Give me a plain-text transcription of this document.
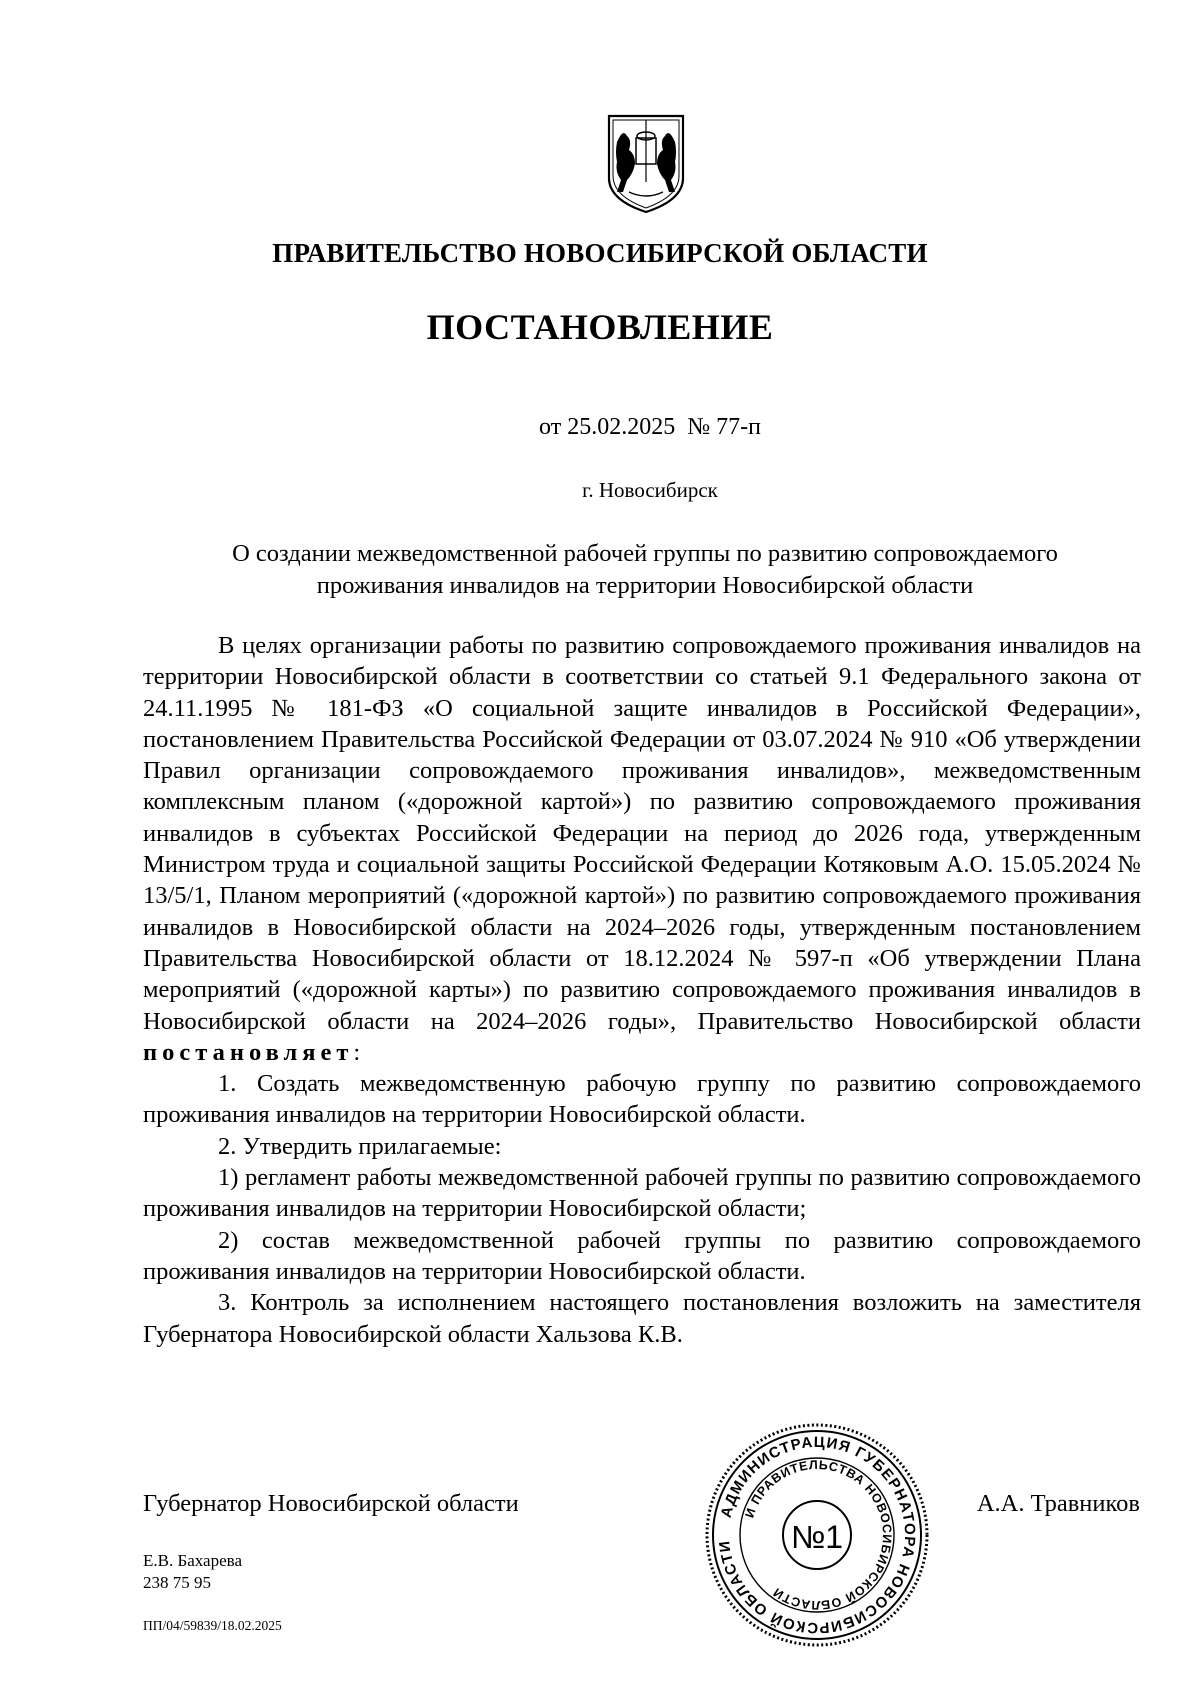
ПРАВИТЕЛЬСТВО НОВОСИБИРСКОЙ ОБЛАСТИ
ПОСТАНОВЛЕНИЕ
от 25.02.2025  № 77-п
г. Новосибирск
О создании межведомственной рабочей группы по развитию сопровождаемого
проживания инвалидов на территории Новосибирской области

В целях организации работы по развитию сопровождаемого проживания инвалидов на территории Новосибирской области в соответствии со статьей 9.1 Федерального закона от 24.11.1995 № 181-ФЗ «О социальной защите инвалидов в Российской Федерации», постановлением Правительства Российской Федерации от 03.07.2024 № 910 «Об утверждении Правил организации сопровождаемого проживания инвалидов», межведомственным комплексным планом («дорожной картой») по развитию сопровождаемого проживания инвалидов в субъектах Российской Федерации на период до 2026 года, утвержденным Министром труда и социальной защиты Российской Федерации Котяковым А.О. 15.05.2024 № 13/5/1, Планом мероприятий («дорожной картой») по развитию сопровождаемого проживания инвалидов в Новосибирской области на 2024–2026 годы, утвержденным постановлением Правительства Новосибирской области от 18.12.2024 № 597-п «Об утверждении Плана мероприятий («дорожной карты») по развитию сопровождаемого проживания инвалидов в Новосибирской области на 2024–2026 годы», Правительство Новосибирской области постановляет:

1. Создать межведомственную рабочую группу по развитию сопровождаемого проживания инвалидов на территории Новосибирской области.

2. Утвердить прилагаемые:

1) регламент работы межведомственной рабочей группы по развитию сопровождаемого проживания инвалидов на территории Новосибирской области;

2) состав межведомственной рабочей группы по развитию сопровождаемого проживания инвалидов на территории Новосибирской области.

3. Контроль за исполнением настоящего постановления возложить на заместителя Губернатора Новосибирской области Хальзова К.В.

Губернатор Новосибирской области	А.А. Травников
АДМИНИСТРАЦИЯ ГУБЕРНАТОРА НОВОСИБИРСКОЙ ОБЛАСТИ
И ПРАВИТЕЛЬСТВА НОВОСИБИРСКОЙ ОБЛАСТИ
№1
Е.В. Бахарева
238 75 95
ПП/04/59839/18.02.2025
